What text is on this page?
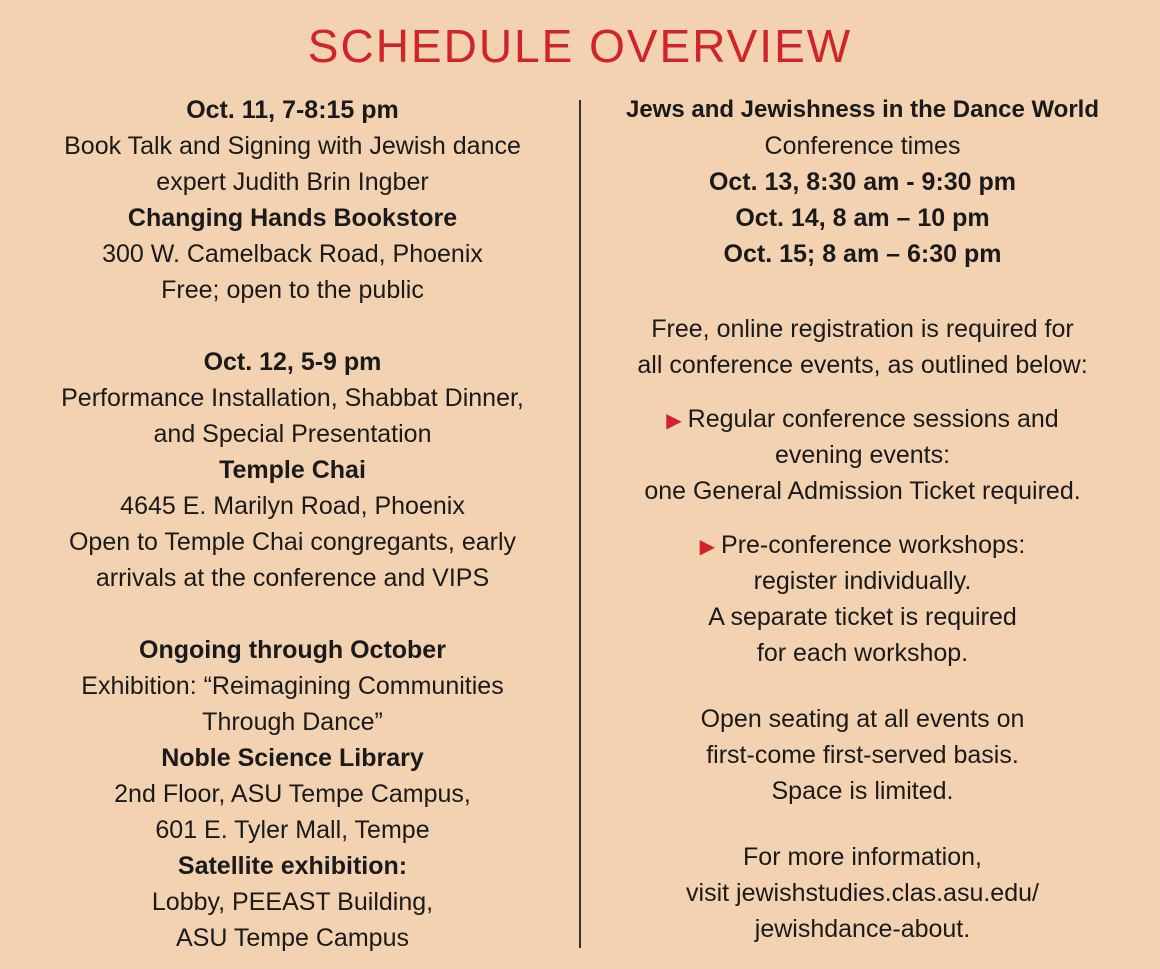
SCHEDULE OVERVIEW
Oct. 11, 7-8:15 pm
Book Talk and Signing with Jewish dance
expert Judith Brin Ingber
Changing Hands Bookstore
300 W. Camelback Road, Phoenix
Free; open to the public
Oct. 12, 5-9 pm
Performance Installation, Shabbat Dinner,
and Special Presentation
Temple Chai
4645 E. Marilyn Road, Phoenix
Open to Temple Chai congregants, early
arrivals at the conference and VIPS
Ongoing through October
Exhibition: “Reimagining Communities
Through Dance”
Noble Science Library
2nd Floor, ASU Tempe Campus,
601 E. Tyler Mall, Tempe
Satellite exhibition:
Lobby, PEEAST Building,
ASU Tempe Campus
Jews and Jewishness in the Dance World
Conference times
Oct. 13, 8:30 am - 9:30 pm
Oct. 14, 8 am – 10 pm
Oct. 15; 8 am – 6:30 pm
Free, online registration is required for
all conference events, as outlined below:
▶ Regular conference sessions and
evening events:
one General Admission Ticket required.
▶ Pre-conference workshops:
register individually.
A separate ticket is required
for each workshop.
Open seating at all events on
first-come first-served basis.
Space is limited.
For more information,
visit jewishstudies.clas.asu.edu/
jewishdance-about.
